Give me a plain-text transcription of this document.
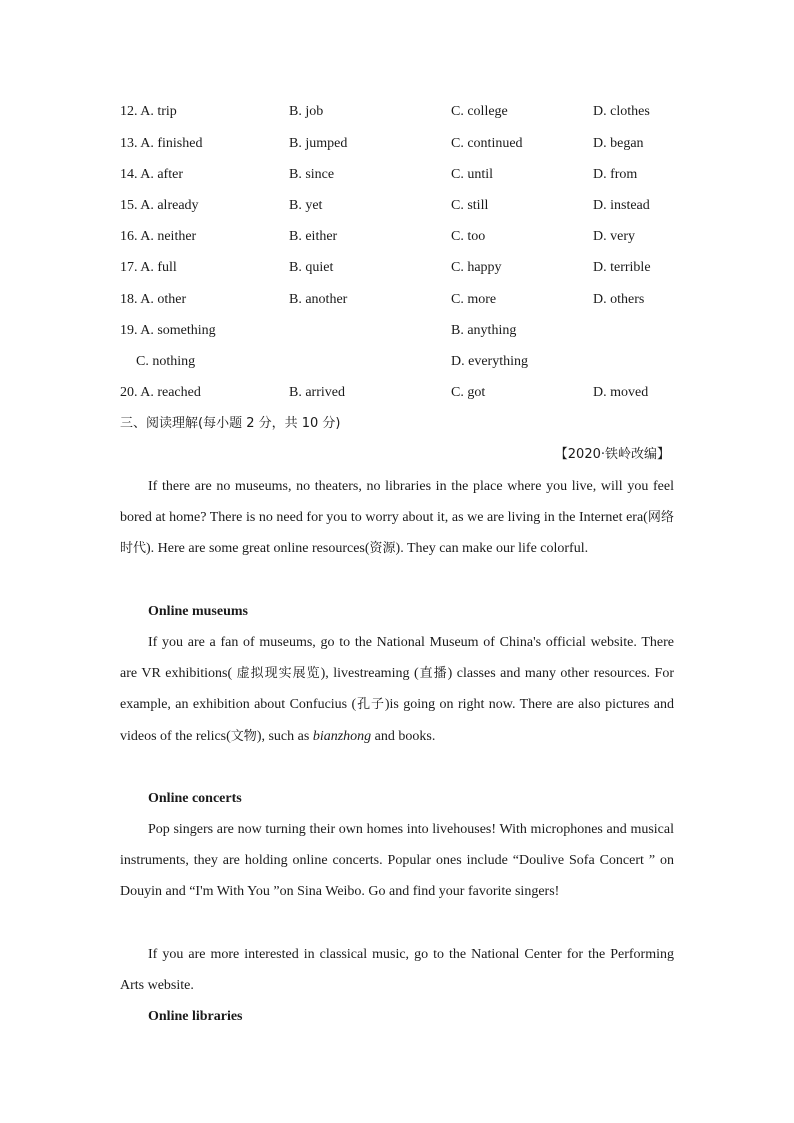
12. A. trip	B. job	C. college	D. clothes
13. A. finished	B. jumped	C. continued	D. began
14. A. after	B. since	C. until	D. from
15. A. already	B. yet	C. still	D. instead
16. A. neither	B. either	C. too	D. very
17. A. full	B. quiet	C. happy	D. terrible
18. A. other	B. another	C. more	D. others
19. A. something	B. anything
C. nothing	D. everything
20. A. reached	B. arrived	C. got	D. moved
三、阅读理解(每小题 2 分，共 10 分)
【2020·铁岭改编】

If there are no museums, no theaters, no libraries in the place where you live, will you feel bored at home? There is no need for you to worry about it, as we are living in the Internet era(网络时代). Here are some great online resources(资源). They can make our life colorful.

Online museums

If you are a fan of museums, go to the National Museum of China's official website. There are VR exhibitions( 虚拟现实展览), livestreaming (直播) classes and many other resources. For example, an exhibition about Confucius (孔子)is going on right now. There are also pictures and videos of the relics(文物), such as bianzhong and books.

Online concerts

Pop singers are now turning their own homes into livehouses! With microphones and musical instruments, they are holding online concerts. Popular ones include “Doulive Sofa Concert ” on Douyin and “I'm With You ”on Sina Weibo. Go and find your favorite singers!

If you are more interested in classical music, go to the National Center for the Performing Arts website.

Online libraries
